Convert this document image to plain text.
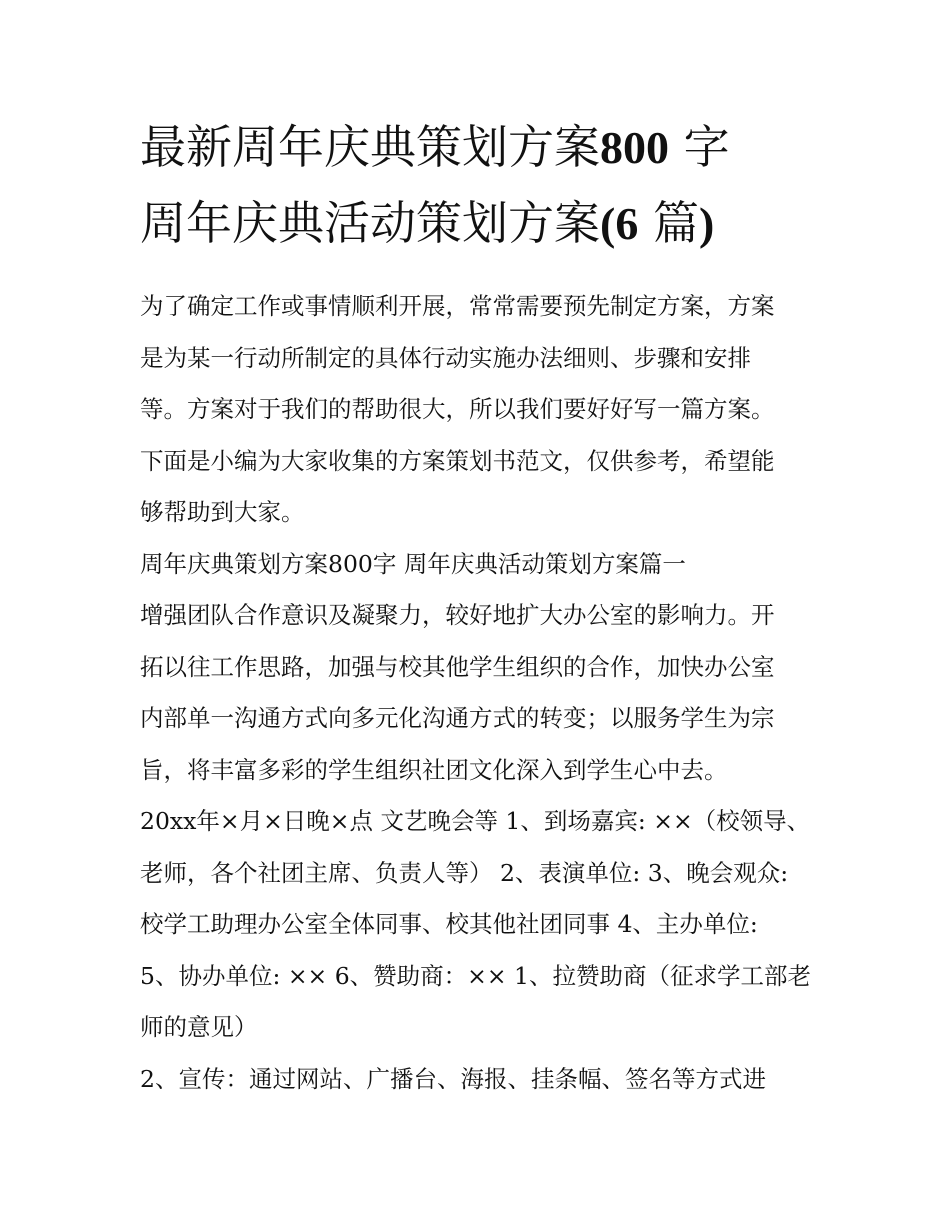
最新周年庆典策划方案800 字
周年庆典活动策划方案(6 篇)
为了确定工作或事情顺利开展，常常需要预先制定方案，方案
是为某一行动所制定的具体行动实施办法细则、步骤和安排
等。方案对于我们的帮助很大，所以我们要好好写一篇方案。
下面是小编为大家收集的方案策划书范文，仅供参考，希望能
够帮助到大家。
周年庆典策划方案800字 周年庆典活动策划方案篇一
增强团队合作意识及凝聚力，较好地扩大办公室的影响力。开
拓以往工作思路，加强与校其他学生组织的合作，加快办公室
内部单一沟通方式向多元化沟通方式的转变；以服务学生为宗
旨，将丰富多彩的学生组织社团文化深入到学生心中去。
20xx年×月×日晚×点 文艺晚会等 1、到场嘉宾: ××（校领导、
老师，各个社团主席、负责人等） 2、表演单位: 3、晚会观众:
校学工助理办公室全体同事、校其他社团同事 4、主办单位:
5、协办单位: ×× 6、赞助商：×× 1、拉赞助商（征求学工部老
师的意见）
2、宣传：通过网站、广播台、海报、挂条幅、签名等方式进
